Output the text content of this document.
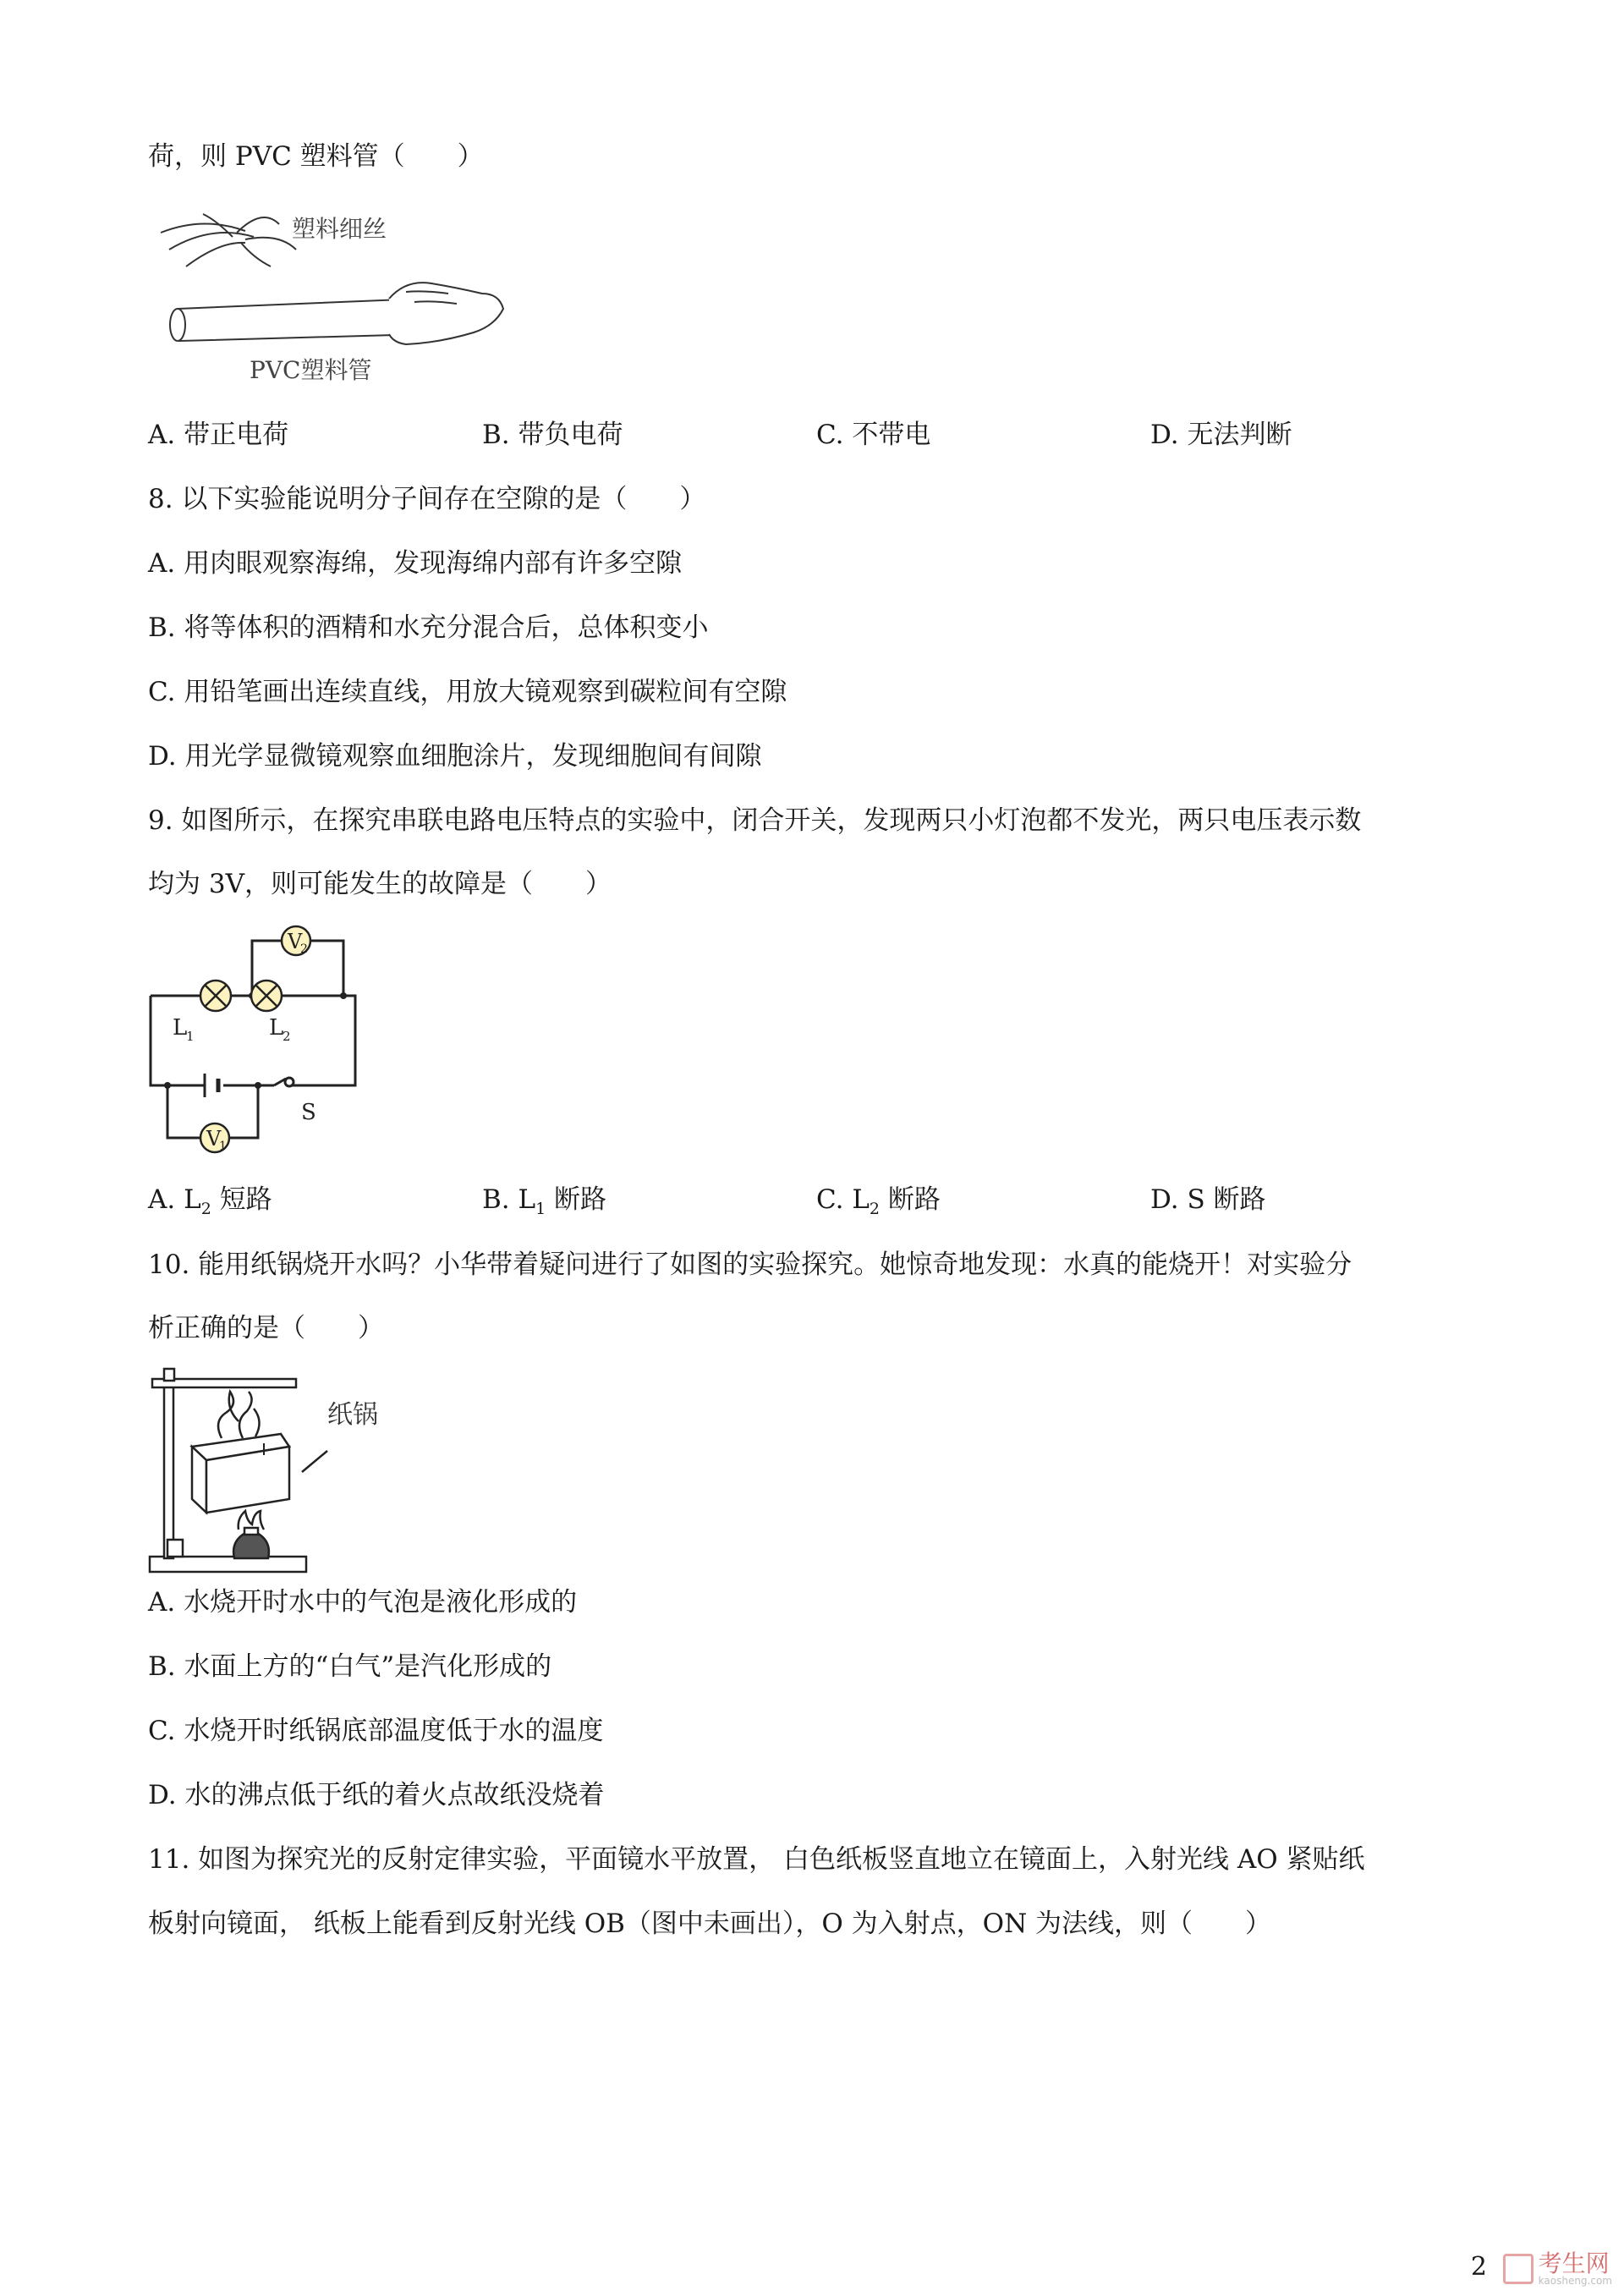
荷，则 PVC 塑料管（　　）
塑料细丝
PVC塑料管
A. 带正电荷	B. 带负电荷	C. 不带电	D. 无法判断
8. 以下实验能说明分子间存在空隙的是（　　）
A. 用肉眼观察海绵，发现海绵内部有许多空隙
B. 将等体积的酒精和水充分混合后，总体积变小
C. 用铅笔画出连续直线，用放大镜观察到碳粒间有空隙
D. 用光学显微镜观察血细胞涂片，发现细胞间有间隙
9. 如图所示，在探究串联电路电压特点的实验中，闭合开关，发现两只小灯泡都不发光，两只电压表示数
均为 3V，则可能发生的故障是（　　）
V
2
V
1
L
1	L
2
S
A. $L_2$ 短路	B. $L_1$ 断路	C. $L_2$ 断路	D. S 断路
10. 能用纸锅烧开水吗？小华带着疑问进行了如图的实验探究。她惊奇地发现：水真的能烧开！对实验分
析正确的是（　　）
纸锅
A. 水烧开时水中的气泡是液化形成的
B. 水面上方的“白气”是汽化形成的
C. 水烧开时纸锅底部温度低于水的温度
D. 水的沸点低于纸的着火点故纸没烧着
11. 如图为探究光的反射定律实验，平面镜水平放置， 白色纸板竖直地立在镜面上，入射光线 AO 紧贴纸
板射向镜面， 纸板上能看到反射光线 OB（图中未画出），O 为入射点，ON 为法线，则（　　）
2 考生网
kaosheng.com
